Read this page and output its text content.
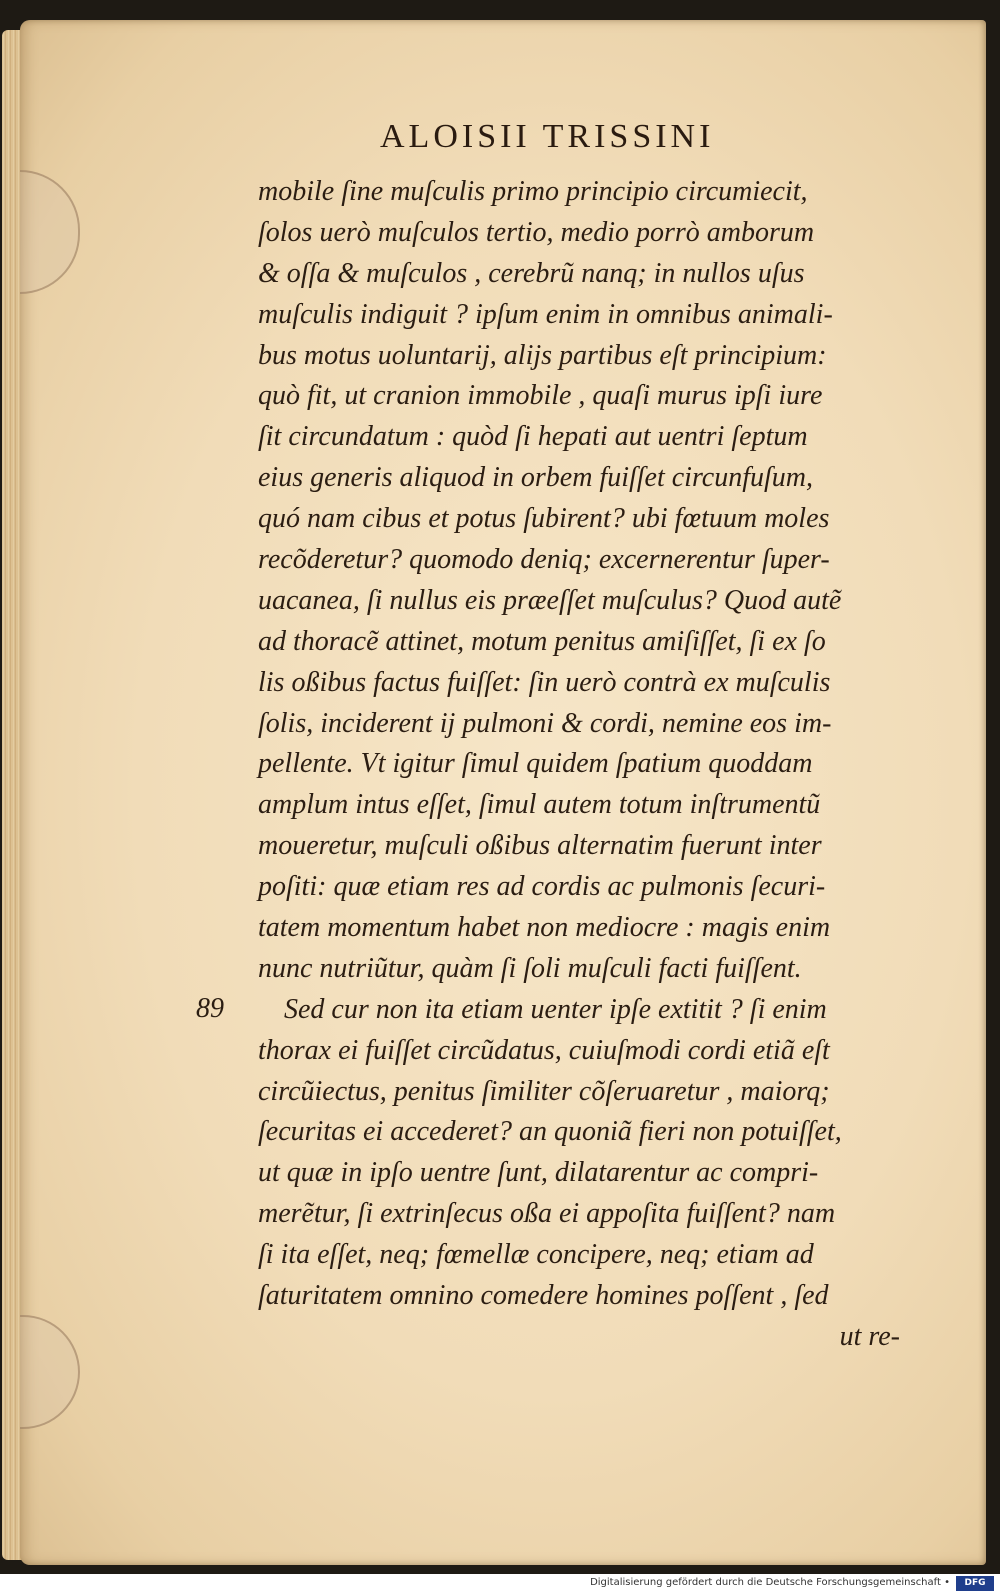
ALOISII TRISSINI
89
mobile ſine muſculis primo principio circumiecit,
ſolos uerò muſculos tertio, medio porrò amborum
& oſſa & muſculos , cerebrũ nanq; in nullos uſus
muſculis indiguit ? ipſum enim in omnibus animali-
bus motus uoluntarij, alijs partibus eſt principium:
quò fit, ut cranion immobile , quaſi murus ipſi iure
ſit circundatum : quòd ſi hepati aut uentri ſeptum
eius generis aliquod in orbem fuiſſet circunfuſum,
quó nam cibus et potus ſubirent? ubi fœtuum moles
recõderetur? quomodo deniq; excernerentur ſuper-
uacanea, ſi nullus eis præeſſet muſculus? Quod autẽ
ad thoracẽ attinet, motum penitus amiſiſſet, ſi ex ſo
lis oßibus factus fuiſſet: ſin uerò contrà ex muſculis
ſolis, inciderent ij pulmoni & cordi, nemine eos im-
pellente. Vt igitur ſimul quidem ſpatium quoddam
amplum intus eſſet, ſimul autem totum inſtrumentũ
moueretur, muſculi oßibus alternatim fuerunt inter
poſiti: quæ etiam res ad cordis ac pulmonis ſecuri-
tatem momentum habet non mediocre : magis enim
nunc nutriũtur, quàm ſi ſoli muſculi facti fuiſſent.
Sed cur non ita etiam uenter ipſe extitit ? ſi enim
thorax ei fuiſſet circũdatus, cuiuſmodi cordi etiã eſt
circũiectus, penitus ſimiliter cõſeruaretur , maiorq;
ſecuritas ei accederet? an quoniã fieri non potuiſſet,
ut quæ in ipſo uentre ſunt, dilatarentur ac compri-
merẽtur, ſi extrinſecus oßa ei appoſita fuiſſent? nam
ſi ita eſſet, neq; fœmellæ concipere, neq; etiam ad
ſaturitatem omnino comedere homines poſſent , ſed
ut re-
Digitalisierung gefördert durch die Deutsche Forschungsgemeinschaft •	DFG
